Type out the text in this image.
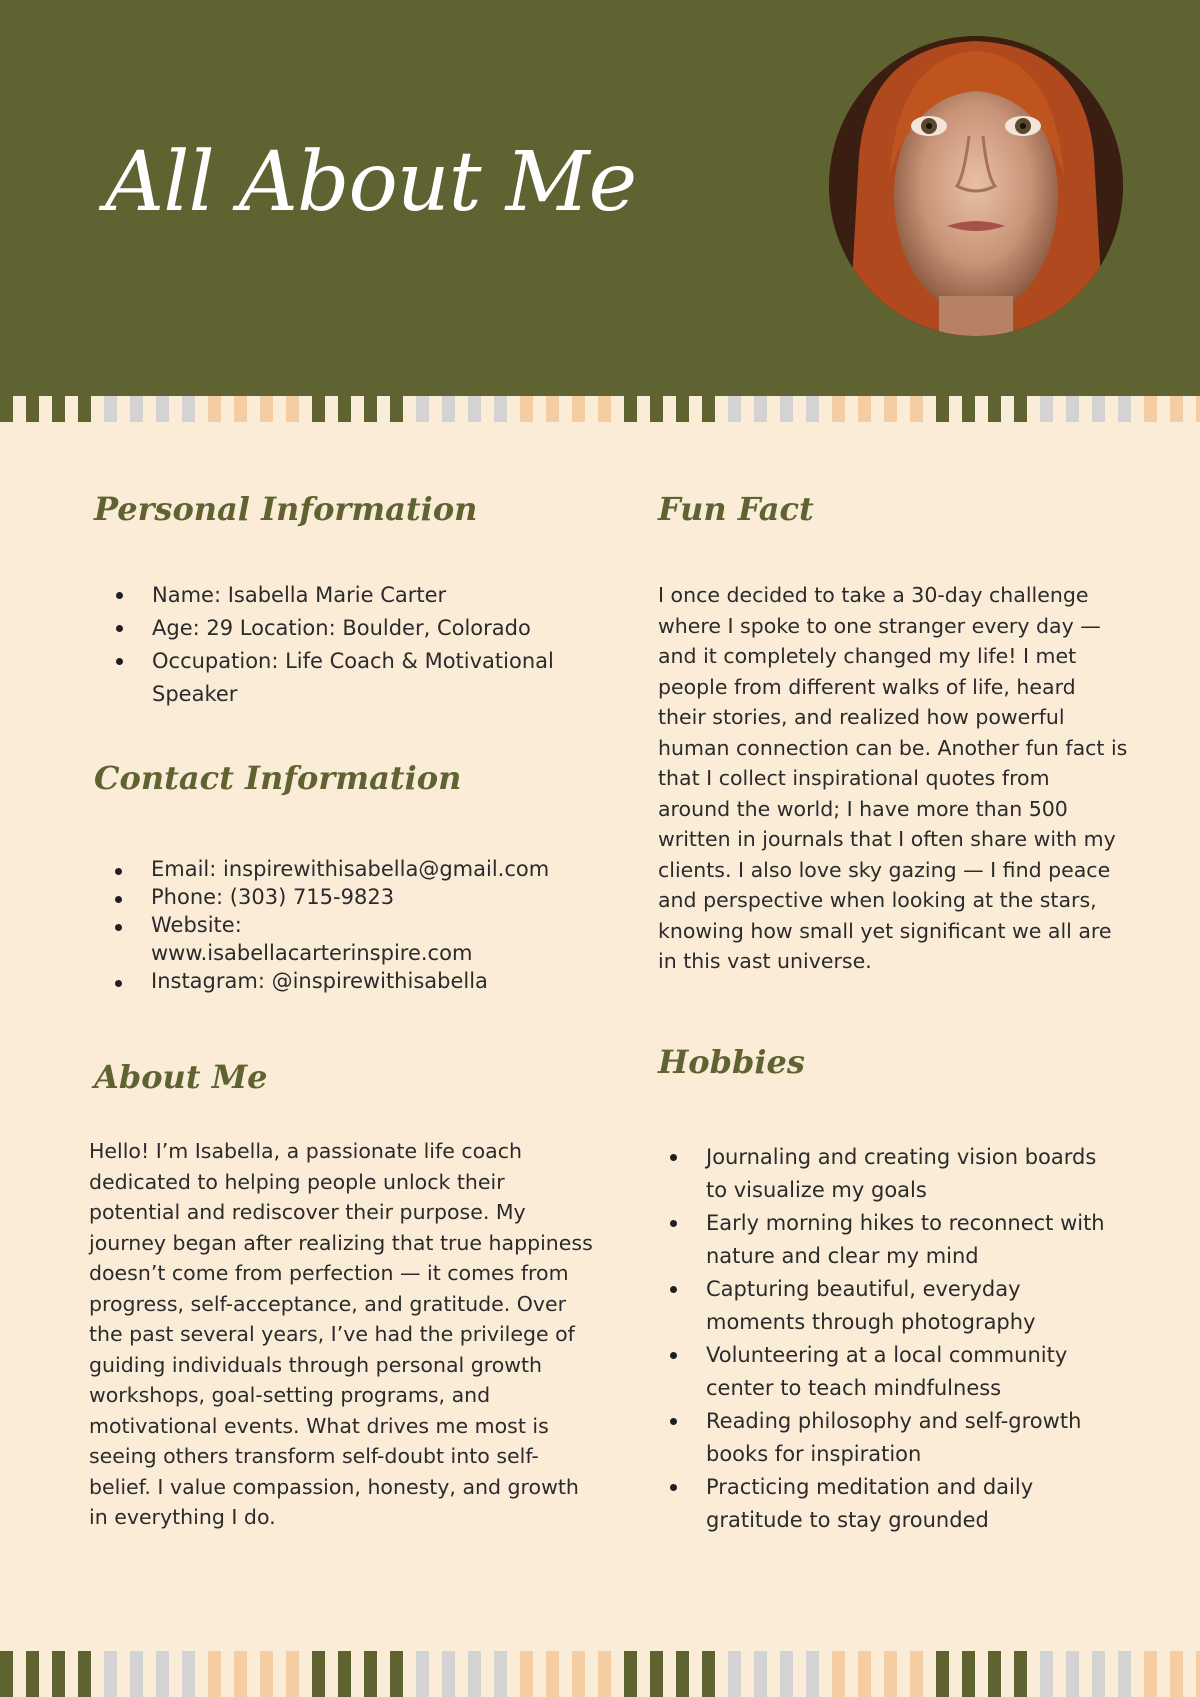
All About Me
Personal Information
Name: Isabella Marie Carter
Age: 29 Location: Boulder, Colorado
Occupation: Life Coach & Motivational Speaker
Contact Information
Email: inspirewithisabella@gmail.com
Phone: (303) 715-9823
Website: www.isabellacarterinspire.com
Instagram: @inspirewithisabella
About Me

Hello! I’m Isabella, a passionate life coach dedicated to helping people unlock their potential and rediscover their purpose. My journey began after realizing that true happiness doesn’t come from perfection — it comes from progress, self-acceptance, and gratitude. Over the past several years, I’ve had the privilege of guiding individuals through personal growth workshops, goal-setting programs, and motivational events. What drives me most is seeing others transform self-doubt into self-belief. I value compassion, honesty, and growth in everything I do.

Fun Fact

I once decided to take a 30-day challenge where I spoke to one stranger every day — and it completely changed my life! I met people from different walks of life, heard their stories, and realized how powerful human connection can be. Another fun fact is that I collect inspirational quotes from around the world; I have more than 500 written in journals that I often share with my clients. I also love sky gazing — I find peace and perspective when looking at the stars, knowing how small yet significant we all are in this vast universe.

Hobbies
Journaling and creating vision boards to visualize my goals
Early morning hikes to reconnect with nature and clear my mind
Capturing beautiful, everyday moments through photography
Volunteering at a local community center to teach mindfulness
Reading philosophy and self-growth books for inspiration
Practicing meditation and daily gratitude to stay grounded
